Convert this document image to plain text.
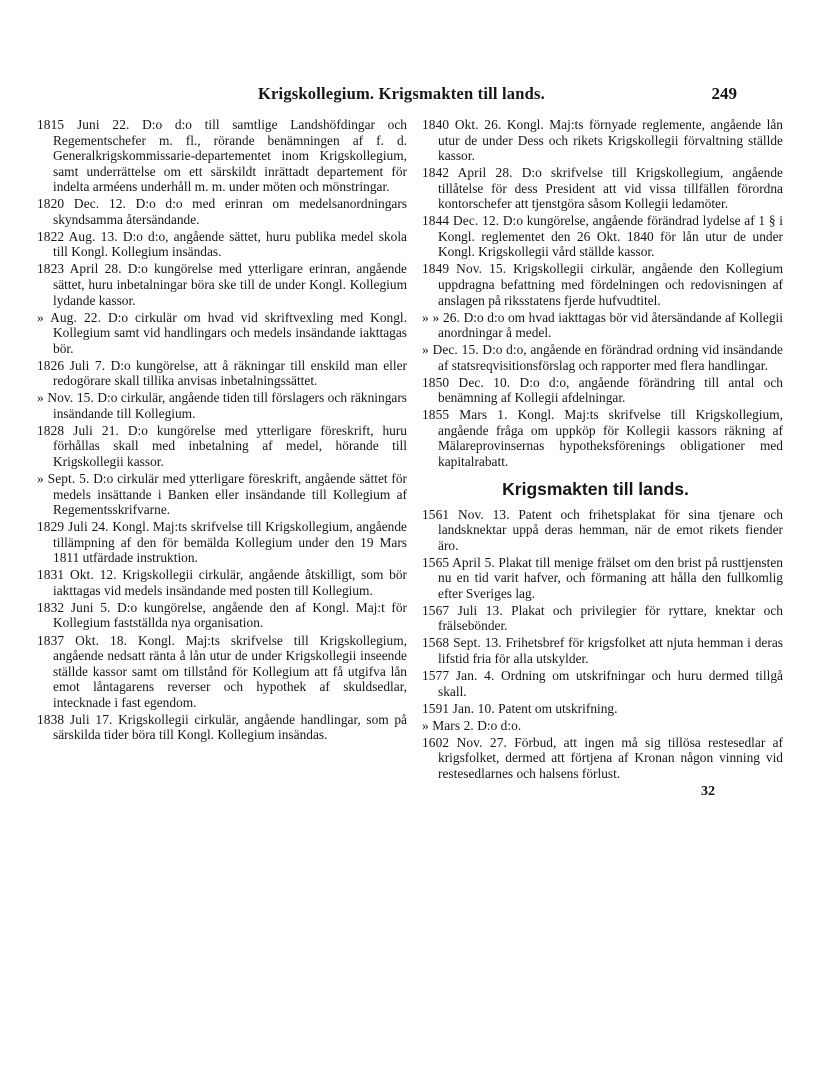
Krigskollegium. Krigsmakten till lands.	249

1815 Juni 22. D:o d:o till samtlige Landshöfdingar och Regementschefer m. fl., rörande benämningen af f. d. Generalkrigskommissarie-departementet inom Krigskollegium, samt underrättelse om ett särskildt inrättadt departement för indelta arméens underhåll m. m. under möten och mönstringar.

1820 Dec. 12. D:o d:o med erinran om medelsanordningars skyndsamma återsändande.

1822 Aug. 13. D:o d:o, angående sättet, huru publika medel skola till Kongl. Kollegium insändas.

1823 April 28. D:o kungörelse med ytterligare erinran, angående sättet, huru inbetalningar böra ske till de under Kongl. Kollegium lydande kassor.

» Aug. 22. D:o cirkulär om hvad vid skriftvexling med Kongl. Kollegium samt vid handlingars och medels insändande iakttagas bör.

1826 Juli 7. D:o kungörelse, att å räkningar till enskild man eller redogörare skall tillika anvisas inbetalningssättet.

» Nov. 15. D:o cirkulär, angående tiden till förslagers och räkningars insändande till Kollegium.

1828 Juli 21. D:o kungörelse med ytterligare föreskrift, huru förhållas skall med inbetalning af medel, hörande till Krigskollegii kassor.

» Sept. 5. D:o cirkulär med ytterligare föreskrift, angående sättet för medels insättande i Banken eller insändande till Kollegium af Regementsskrifvarne.

1829 Juli 24. Kongl. Maj:ts skrifvelse till Krigskollegium, angående tillämpning af den för bemälda Kollegium under den 19 Mars 1811 utfärdade instruktion.

1831 Okt. 12. Krigskollegii cirkulär, angående åtskilligt, som bör iakttagas vid medels insändande med posten till Kollegium.

1832 Juni 5. D:o kungörelse, angående den af Kongl. Maj:t för Kollegium fastställda nya organisation.

1837 Okt. 18. Kongl. Maj:ts skrifvelse till Krigskollegium, angående nedsatt ränta å lån utur de under Krigskollegii inseende ställde kassor samt om tillstånd för Kollegium att få utgifva lån emot låntagarens reverser och hypothek af skuldsedlar, intecknade i fast egendom.

1838 Juli 17. Krigskollegii cirkulär, angående handlingar, som på särskilda tider böra till Kongl. Kollegium insändas.

1840 Okt. 26. Kongl. Maj:ts förnyade reglemente, angående lån utur de under Dess och rikets Krigskollegii förvaltning ställde kassor.

1842 April 28. D:o skrifvelse till Krigskollegium, angående tillåtelse för dess President att vid vissa tillfällen förordna kontorschefer att tjenstgöra såsom Kollegii ledamöter.

1844 Dec. 12. D:o kungörelse, angående förändrad lydelse af 1 § i Kongl. reglementet den 26 Okt. 1840 för lån utur de under Kongl. Krigskollegii vård ställde kassor.

1849 Nov. 15. Krigskollegii cirkulär, angående den Kollegium uppdragna befattning med fördelningen och redovisningen af anslagen på riksstatens fjerde hufvudtitel.

» » 26. D:o d:o om hvad iakttagas bör vid återsändande af Kollegii anordningar å medel.

» Dec. 15. D:o d:o, angående en förändrad ordning vid insändande af statsreqvisitionsförslag och rapporter med flera handlingar.

1850 Dec. 10. D:o d:o, angående förändring till antal och benämning af Kollegii afdelningar.

1855 Mars 1. Kongl. Maj:ts skrifvelse till Krigskollegium, angående fråga om uppköp för Kollegii kassors räkning af Mälareprovinsernas hypotheksförenings obligationer med kapitalrabatt.

Krigsmakten till lands.

1561 Nov. 13. Patent och frihetsplakat för sina tjenare och landsknektar uppå deras hemman, när de emot rikets fiender äro.

1565 April 5. Plakat till menige frälset om den brist på rusttjensten nu en tid varit hafver, och förmaning att hålla den fullkomlig efter Sveriges lag.

1567 Juli 13. Plakat och privilegier för ryttare, knektar och frälsebönder.

1568 Sept. 13. Frihetsbref för krigsfolket att njuta hemman i deras lifstid fria för alla utskylder.

1577 Jan. 4. Ordning om utskrifningar och huru dermed tillgå skall.

1591 Jan. 10. Patent om utskrifning.

» Mars 2. D:o d:o.

1602 Nov. 27. Förbud, att ingen må sig tillösa restesedlar af krigsfolket, dermed att förtjena af Kronan någon vinning vid restesedlarnes och halsens förlust.

32
